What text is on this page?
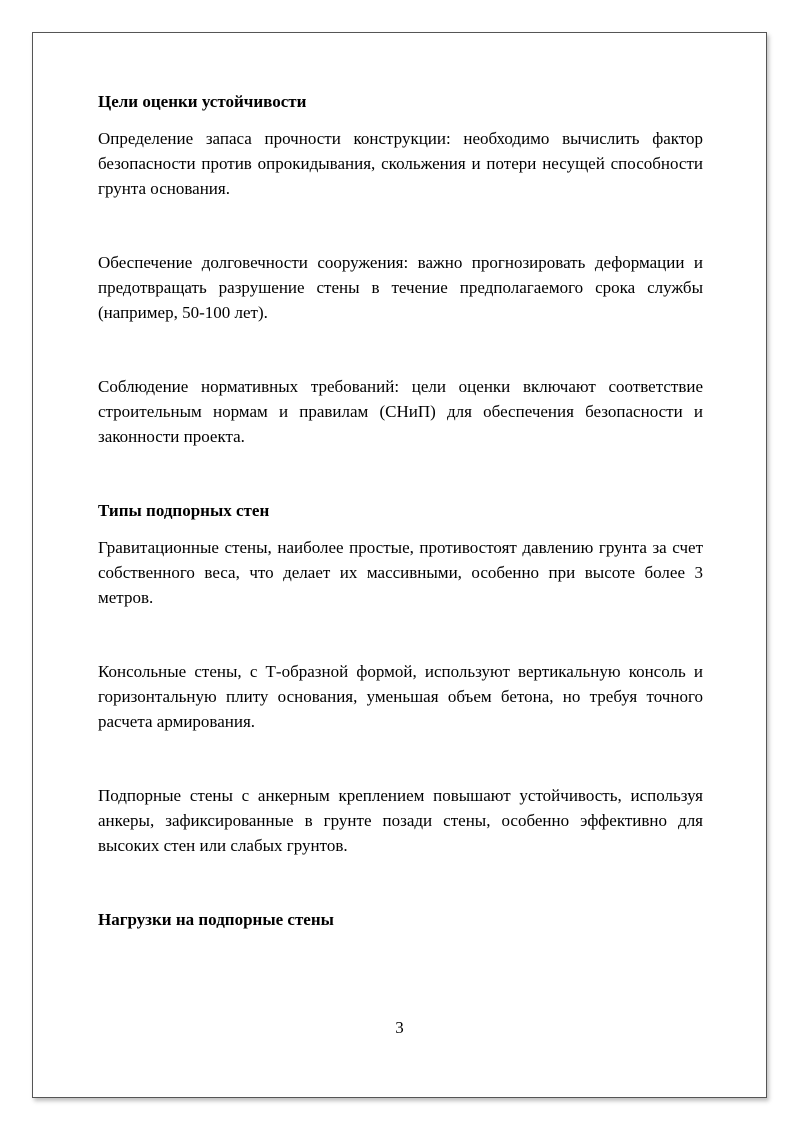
Цели оценки устойчивости

Определение запаса прочности конструкции: необходимо вычислить фактор безопасности против опрокидывания, скольжения и потери несущей способности грунта основания.

Обеспечение долговечности сооружения: важно прогнозировать деформации и предотвращать разрушение стены в течение предполагаемого срока службы (например, 50-100 лет).

Соблюдение нормативных требований: цели оценки включают соответствие строительным нормам и правилам (СНиП) для обеспечения безопасности и законности проекта.

Типы подпорных стен

Гравитационные стены, наиболее простые, противостоят давлению грунта за счет собственного веса, что делает их массивными, особенно при высоте более 3 метров.

Консольные стены, с Т-образной формой, используют вертикальную консоль и горизонтальную плиту основания, уменьшая объем бетона, но требуя точного расчета армирования.

Подпорные стены с анкерным креплением повышают устойчивость, используя анкеры, зафиксированные в грунте позади стены, особенно эффективно для высоких стен или слабых грунтов.

Нагрузки на подпорные стены

3
